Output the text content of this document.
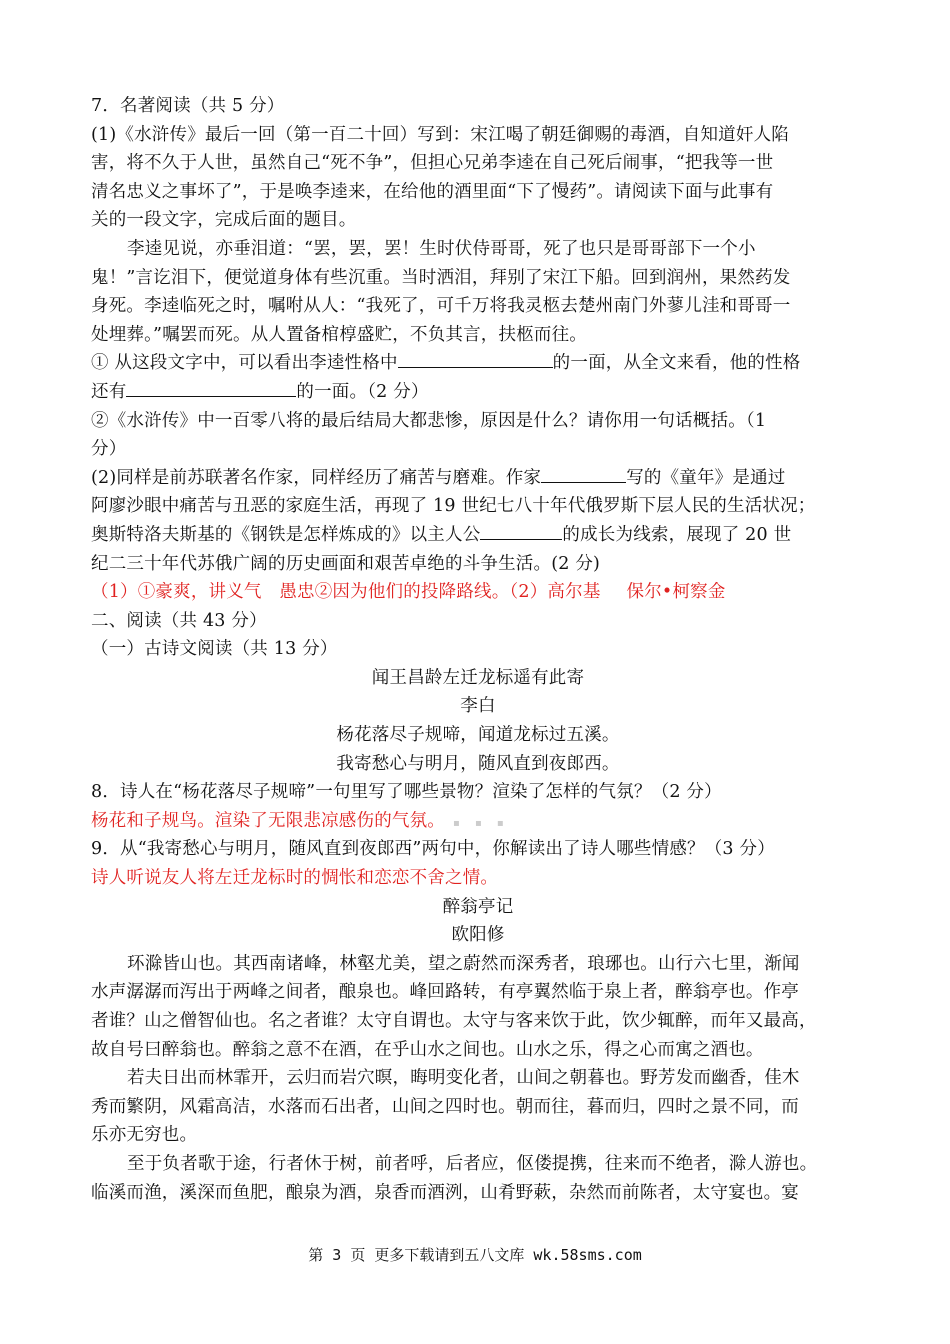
7．名著阅读（共 5 分）
(1)《水浒传》最后一回（第一百二十回）写到：宋江喝了朝廷御赐的毒酒，自知道奸人陷
害，将不久于人世，虽然自己“死不争”，但担心兄弟李逵在自己死后闹事，“把我等一世
清名忠义之事坏了”，于是唤李逵来，在给他的酒里面“下了慢药”。请阅读下面与此事有
关的一段文字，完成后面的题目。
李逵见说，亦垂泪道：“罢，罢，罢！生时伏侍哥哥，死了也只是哥哥部下一个小
鬼！”言讫泪下，便觉道身体有些沉重。当时洒泪，拜别了宋江下船。回到润州，果然药发
身死。李逵临死之时，嘱咐从人：“我死了，可千万将我灵柩去楚州南门外蓼儿洼和哥哥一
处埋葬。”嘱罢而死。从人置备棺椁盛贮，不负其言，扶柩而往。
① 从这段文字中，可以看出李逵性格中	的一面，从全文来看，他的性格
还有	的一面。（2 分）
②《水浒传》中一百零八将的最后结局大都悲惨，原因是什么？请你用一句话概括。（1
分）
(2)同样是前苏联著名作家，同样经历了痛苦与磨难。作家	写的《童年》是通过
阿廖沙眼中痛苦与丑恶的家庭生活，再现了 19 世纪七八十年代俄罗斯下层人民的生活状况；
奥斯特洛夫斯基的《钢铁是怎样炼成的》以主人公	的成长为线索，展现了 20 世
纪二三十年代苏俄广阔的历史画面和艰苦卓绝的斗争生活。(2 分)
（1）①豪爽，讲义气　愚忠②因为他们的投降路线。（2）高尔基 保尔•柯察金
二、阅读（共 43 分）
（一）古诗文阅读（共 13 分）
闻王昌龄左迁龙标遥有此寄
李白
杨花落尽子规啼，闻道龙标过五溪。
我寄愁心与明月，随风直到夜郎西。
8．诗人在“杨花落尽子规啼”一句里写了哪些景物？渲染了怎样的气氛？（2 分）
杨花和子规鸟。渲染了无限悲凉感伤的气氛。 ▪ ▪ ▪
9．从“我寄愁心与明月，随风直到夜郎西”两句中，你解读出了诗人哪些情感？（3 分）
诗人听说友人将左迁龙标时的惆怅和恋恋不舍之情。
醉翁亭记
欧阳修
环滁皆山也。其西南诸峰，林壑尤美，望之蔚然而深秀者，琅琊也。山行六七里，渐闻
水声潺潺而泻出于两峰之间者，酿泉也。峰回路转，有亭翼然临于泉上者，醉翁亭也。作亭
者谁？山之僧智仙也。名之者谁？太守自谓也。太守与客来饮于此，饮少辄醉，而年又最高，
故自号曰醉翁也。醉翁之意不在酒，在乎山水之间也。山水之乐，得之心而寓之酒也。
若夫日出而林霏开，云归而岩穴暝，晦明变化者，山间之朝暮也。野芳发而幽香，佳木
秀而繁阴，风霜高洁，水落而石出者，山间之四时也。朝而往，暮而归，四时之景不同，而
乐亦无穷也。
至于负者歌于途，行者休于树，前者呼，后者应，伛偻提携，往来而不绝者，滁人游也。
临溪而渔，溪深而鱼肥，酿泉为酒，泉香而酒洌，山肴野蔌，杂然而前陈者，太守宴也。宴
第 3 页 更多下载请到五八文库 wk.58sms.com
